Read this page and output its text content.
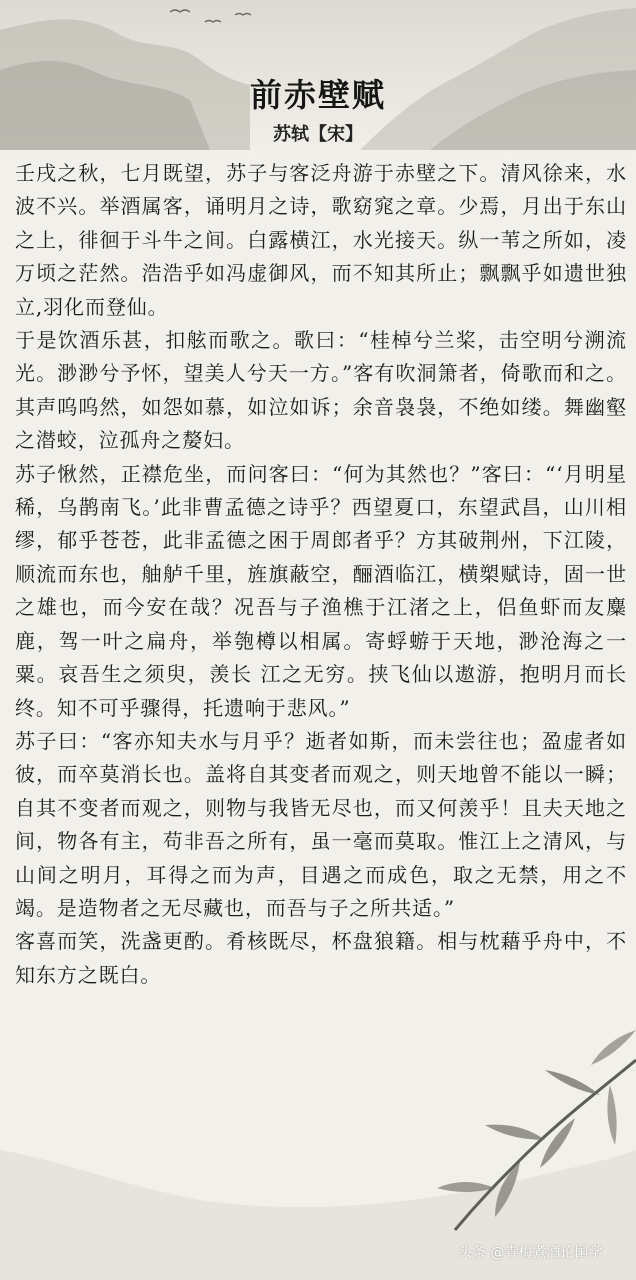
前赤壁赋
苏轼【宋】

壬戌之秋，七月既望，苏子与客泛舟游于赤壁之下。清风徐来，水波不兴。举酒属客，诵明月之诗，歌窈窕之章。少焉，月出于东山之上，徘徊于斗牛之间。白露横江，水光接天。纵一苇之所如，凌万顷之茫然。浩浩乎如冯虚御风，而不知其所止；飘飘乎如遗世独立,羽化而登仙。

于是饮酒乐甚，扣舷而歌之。歌曰：“桂棹兮兰桨，击空明兮溯流光。渺渺兮予怀，望美人兮天一方。”客有吹洞箫者，倚歌而和之。其声呜呜然，如怨如慕，如泣如诉；余音袅袅，不绝如缕。舞幽壑之潜蛟，泣孤舟之嫠妇。

苏子愀然，正襟危坐，而问客曰：“何为其然也？”客曰：“‘月明星稀，乌鹊南飞。’此非曹孟德之诗乎？西望夏口，东望武昌，山川相缪，郁乎苍苍，此非孟德之困于周郎者乎？方其破荆州，下江陵，顺流而东也，舳舻千里，旌旗蔽空，酾酒临江，横槊赋诗，固一世之雄也，而今安在哉？况吾与子渔樵于江渚之上，侣鱼虾而友麋鹿，驾一叶之扁舟，举匏樽以相属。寄蜉蝣于天地，渺沧海之一粟。哀吾生之须臾，羡长 江之无穷。挟飞仙以遨游，抱明月而长终。知不可乎骤得，托遗响于悲风。”

苏子曰：“客亦知夫水与月乎？逝者如斯，而未尝往也；盈虚者如彼，而卒莫消长也。盖将自其变者而观之，则天地曾不能以一瞬；自其不变者而观之，则物与我皆无尽也，而又何羡乎！且夫天地之间，物各有主，苟非吾之所有，虽一毫而莫取。惟江上之清风，与山间之明月，耳得之而为声，目遇之而成色，取之无禁，用之不竭。是造物者之无尽藏也，而吾与子之所共适。”

客喜而笑，洗盏更酌。肴核既尽，杯盘狼籍。相与枕藉乎舟中，不知东方之既白。

头条 @青梅煮酒论国学
